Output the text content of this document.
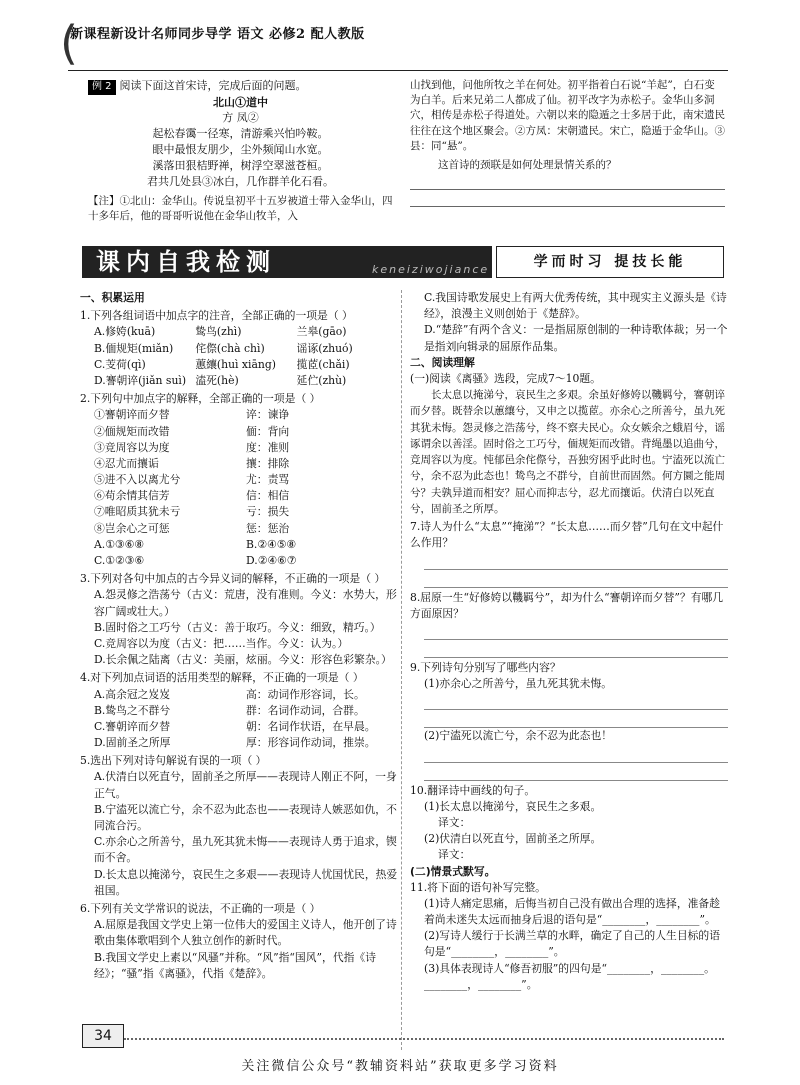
(
新课程新设计名师同步导学 语文 必修2 配人教版
例 2 阅读下面这首宋诗，完成后面的问题。
北山①道中
方 凤②
起松春霭一径寒，清游乘兴怕吟鞍。
眼中最恨友朋少，尘外频闻山水宽。
溪落田狠桔野禅，树浮空翠滋苍桓。
君共几处县③冰白，几作群羊化石看。
【注】①北山：金华山。传说皇初平十五岁被道士带入金华山，四十多年后，他的哥哥听说他在金华山牧羊，入
山找到他，问他所牧之羊在何处。初平指着白石说“羊起”，白石变为白羊。后来兄弟二人都成了仙。初平改字为赤松子。金华山多洞穴，相传是赤松子得道处。六朝以来的隐遁之士多居于此，南宋遗民往往在这个地区聚会。②方凤：宋朝遗民。宋亡，隐遁于金华山。③县：同“悬”。
这首诗的颈联是如何处理景情关系的？
课内自我检测	keneiziwojiance	学而时习 提技长能
一、积累运用
1.下列各组词语中加点字的注音，全部正确的一项是（ ）
A.修姱(kuā)	鸷鸟(zhì)	兰皋(gāo)
B.偭规矩(miǎn)	侘傺(chà chì)	谣诼(zhuó)
C.芰荷(qì)	蕙纕(huì xiāng)	揽茝(chǎi)
D.謇朝谇(jiǎn suì) 溘死(hè)	延伫(zhù)
2.下列句中加点字的解释，全部正确的一项是（ ）
①謇朝谇而夕替	谇：谏诤
②偭规矩而改错	偭：背向
③竞周容以为度	度：准则
④忍尤而攘诟	攘：排除
⑤进不入以离尤兮	尤：责骂
⑥苟余情其信芳	信：相信
⑦唯昭质其犹未亏	亏：损失
⑧岂余心之可惩	惩：惩治
A.①③⑥⑧	B.②④⑤⑧
C.①②③⑥	D.②④⑥⑦
3.下列对各句中加点的古今异义词的解释，不正确的一项是（ ）
A.怨灵修之浩荡兮（古义：荒唐，没有准则。今义：水势大，形容广阔或壮大。）
B.固时俗之工巧兮（古义：善于取巧。今义：细致，精巧。）
C.竞周容以为度（古义：把……当作。今义：认为。）
D.长余佩之陆离（古义：美丽，炫丽。今义：形容色彩繁杂。）
4.对下列加点词语的活用类型的解释，不正确的一项是（ ）
A.高余冠之岌岌	高：动词作形容词，长。
B.鸷鸟之不群兮	群：名词作动词，合群。
C.謇朝谇而夕替	朝：名词作状语，在早晨。
D.固前圣之所厚	厚：形容词作动词，推崇。
5.选出下列对诗句解说有误的一项（ ）
A.伏清白以死直兮，固前圣之所厚——表现诗人刚正不阿，一身正气。
B.宁溘死以流亡兮，余不忍为此态也——表现诗人嫉恶如仇，不同流合污。
C.亦余心之所善兮，虽九死其犹未悔——表现诗人勇于追求，锲而不舍。
D.长太息以掩涕兮，哀民生之多艰——表现诗人忧国忧民，热爱祖国。
6.下列有关文学常识的说法，不正确的一项是（ ）
A.屈原是我国文学史上第一位伟大的爱国主义诗人，他开创了诗歌由集体歌唱到个人独立创作的新时代。
B.我国文学史上素以“风骚”并称。“风”指“国风”，代指《诗经》；“骚”指《离骚》，代指《楚辞》。
C.我国诗歌发展史上有两大优秀传统，其中现实主义源头是《诗经》，浪漫主义则创始于《楚辞》。
D.“楚辞”有两个含义：一是指屈原创制的一种诗歌体裁；另一个是指刘向辑录的屈原作品集。
二、阅读理解
(一)阅读《离骚》选段，完成7～10题。
长太息以掩涕兮，哀民生之多艰。余虽好修姱以鞿羁兮，謇朝谇而夕替。既替余以蕙纕兮，又申之以揽茝。亦余心之所善兮，虽九死其犹未悔。怨灵修之浩荡兮，终不察夫民心。众女嫉余之蛾眉兮，谣诼谓余以善淫。固时俗之工巧兮，偭规矩而改错。背绳墨以追曲兮，竞周容以为度。忳郁邑余侘傺兮，吾独穷困乎此时也。宁溘死以流亡兮，余不忍为此态也！鸷鸟之不群兮，自前世而固然。何方圜之能周兮？夫孰异道而相安？屈心而抑志兮，忍尤而攘诟。伏清白以死直兮，固前圣之所厚。
7.诗人为什么“太息”“掩涕”？“长太息……而夕替”几句在文中起什么作用？
8.屈原一生“好修姱以鞿羁兮”，却为什么“謇朝谇而夕替”？有哪几方面原因？
9.下列诗句分别写了哪些内容？
(1)亦余心之所善兮，虽九死其犹未悔。
(2)宁溘死以流亡兮，余不忍为此态也！
10.翻译诗中画线的句子。
(1)长太息以掩涕兮，哀民生之多艰。
译文：
(2)伏清白以死直兮，固前圣之所厚。
译文：
(二)情景式默写。
11.将下面的语句补写完整。
(1)诗人痛定思痛，后悔当初自己没有做出合理的选择，准备趁着尚未迷失太远而抽身后退的语句是“________，________”。
(2)写诗人缓行于长满兰草的水畔，确定了自己的人生目标的语句是“________，________”。
(3)具体表现诗人“修吾初服”的四句是“________，________。________，________”。
34
关注微信公众号“教辅资料站”获取更多学习资料
